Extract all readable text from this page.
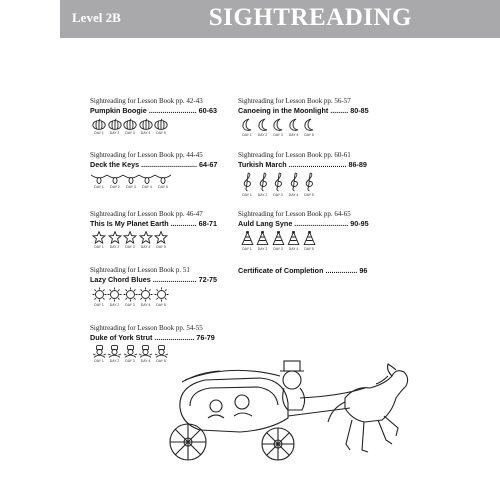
Level 2B	SIGHTREADING
Sightreading for Lesson Book pp. 42-43
Pumpkin Boogie ........................ 60-63
DAY 1	DAY 2	DAY 3	DAY 4	DAY 5
Sightreading for Lesson Book pp. 44-45
Deck the Keys ............................ 64-67
DAY 1	DAY 2	DAY 3	DAY 4	DAY 5
Sightreading for Lesson Book pp. 46-47
This Is My Planet Earth ............. 68-71
DAY 1	DAY 2	DAY 3	DAY 4	DAY 5
Sightreading for Lesson Book p. 51
Lazy Chord Blues ...................... 72-75
DAY 1	DAY 2	DAY 3	DAY 4	DAY 5
Sightreading for Lesson Book pp. 54-55
Duke of York Strut .................... 76-79
DAY 1	DAY 2	DAY 3	DAY 4	DAY 5
Sightreading for Lesson Book pp. 56-57
Canoeing in the Moonlight ......... 80-85
DAY 1	DAY 2	DAY 3	DAY 4	DAY 5
Sightreading for Lesson Book pp. 60-61
Turkish March ............................. 86-89
DAY 1	DAY 2	DAY 3	DAY 4	DAY 5
Sightreading for Lesson Book pp. 64-65
Auld Lang Syne ........................... 90-95
DAY 1	DAY 2	DAY 3	DAY 4	DAY 5
Certificate of Completion ................ 96
